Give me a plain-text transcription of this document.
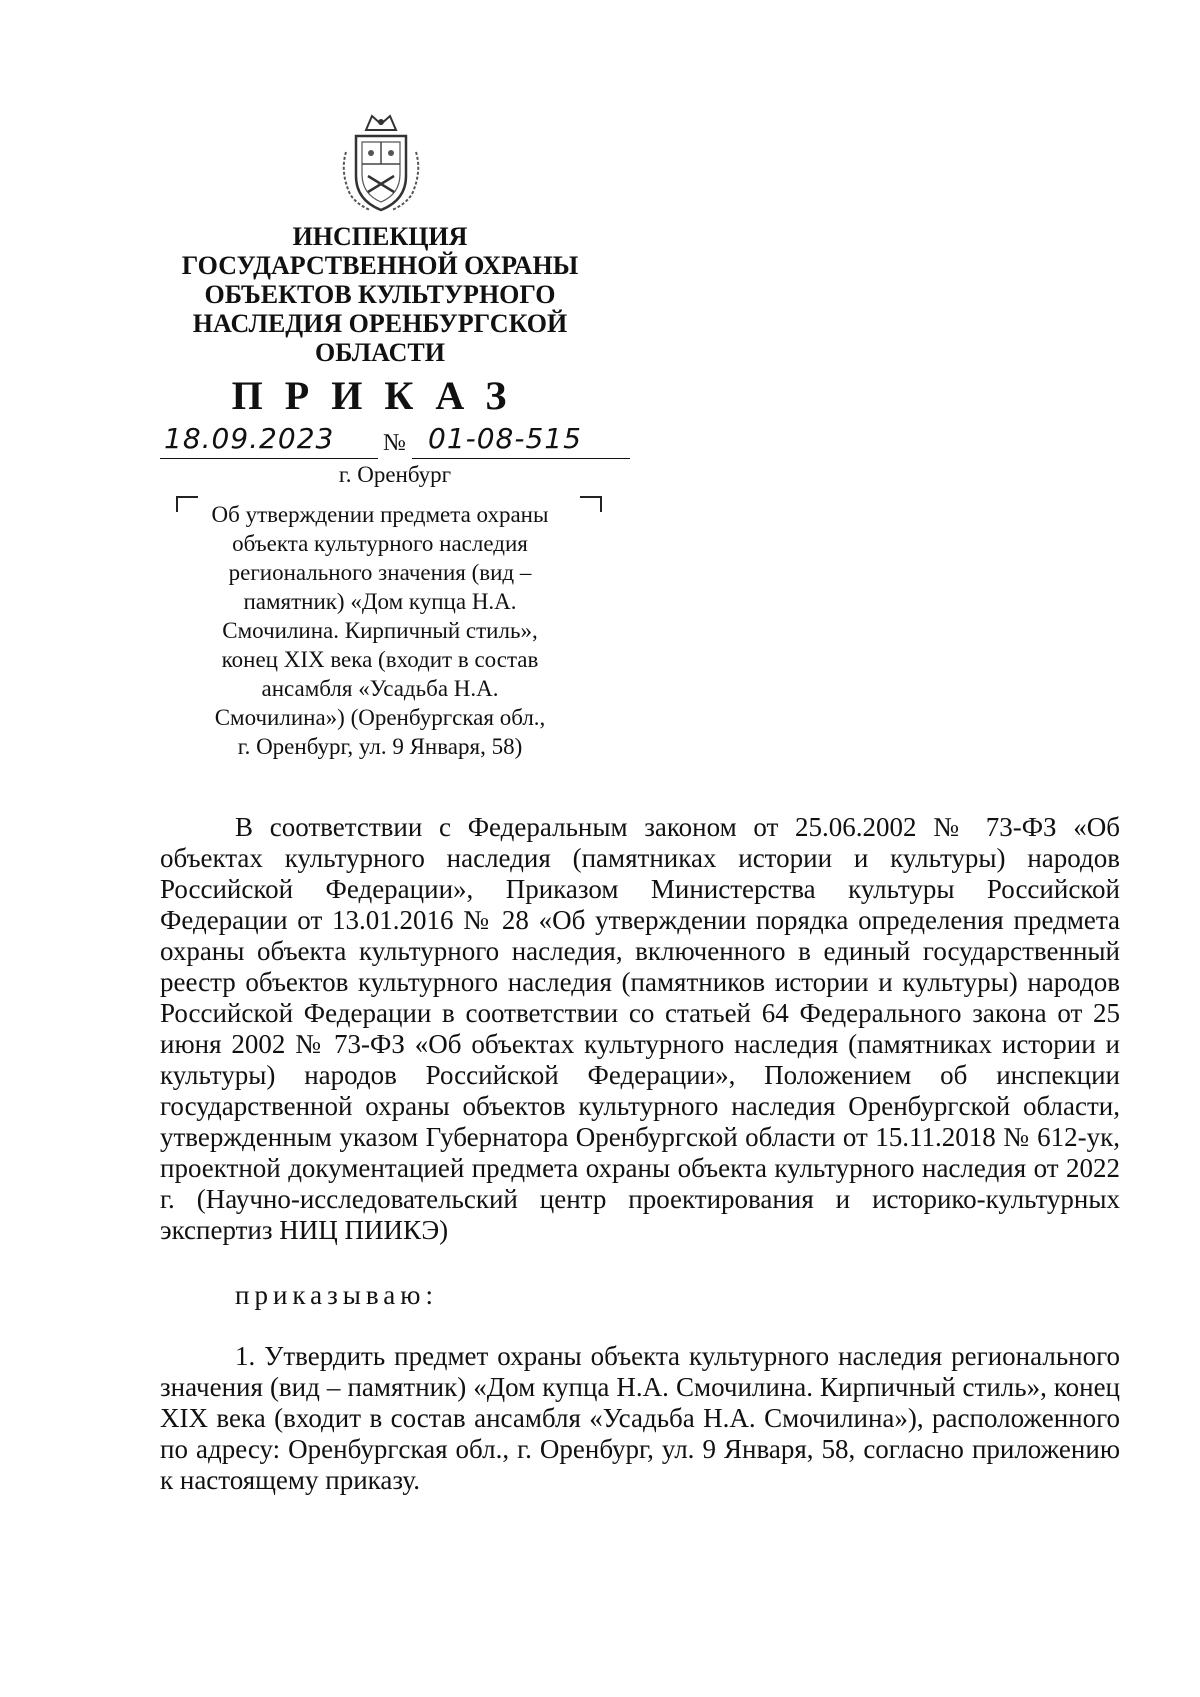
ИНСПЕКЦИЯ
ГОСУДАРСТВЕННОЙ ОХРАНЫ
ОБЪЕКТОВ КУЛЬТУРНОГО
НАСЛЕДИЯ ОРЕНБУРГСКОЙ
ОБЛАСТИ
ПРИКАЗ
18.09.2023 № 01-08-515
г. Оренбург
Об утверждении предмета охраны
объекта культурного наследия
регионального значения (вид –
памятник) «Дом купца Н.А.
Смочилина. Кирпичный стиль»,
конец XIX века (входит в состав
ансамбля «Усадьба Н.А.
Смочилина») (Оренбургская обл.,
г. Оренбург, ул. 9 Января, 58)

В соответствии с Федеральным законом от 25.06.2002 № 73-ФЗ «Об объектах культурного наследия (памятниках истории и культуры) народов Российской Федерации», Приказом Министерства культуры Российской Федерации от 13.01.2016 № 28 «Об утверждении порядка определения предмета охраны объекта культурного наследия, включенного в единый государственный реестр объектов культурного наследия (памятников истории и культуры) народов Российской Федерации в соответствии со статьей 64 Федерального закона от 25 июня 2002 № 73-ФЗ «Об объектах культурного наследия (памятниках истории и культуры) народов Российской Федерации», Положением об инспекции государственной охраны объектов культурного наследия Оренбургской области, утвержденным указом Губернатора Оренбургской области от 15.11.2018 № 612-ук, проектной документацией предмета охраны объекта культурного наследия от 2022 г. (Научно-исследовательский центр проектирования и историко-культурных экспертиз НИЦ ПИИКЭ)

приказываю:

1. Утвердить предмет охраны объекта культурного наследия регионального значения (вид – памятник) «Дом купца Н.А. Смочилина. Кирпичный стиль», конец XIX века (входит в состав ансамбля «Усадьба Н.А. Смочилина»), расположенного по адресу: Оренбургская обл., г. Оренбург, ул. 9 Января, 58, согласно приложению к настоящему приказу.
